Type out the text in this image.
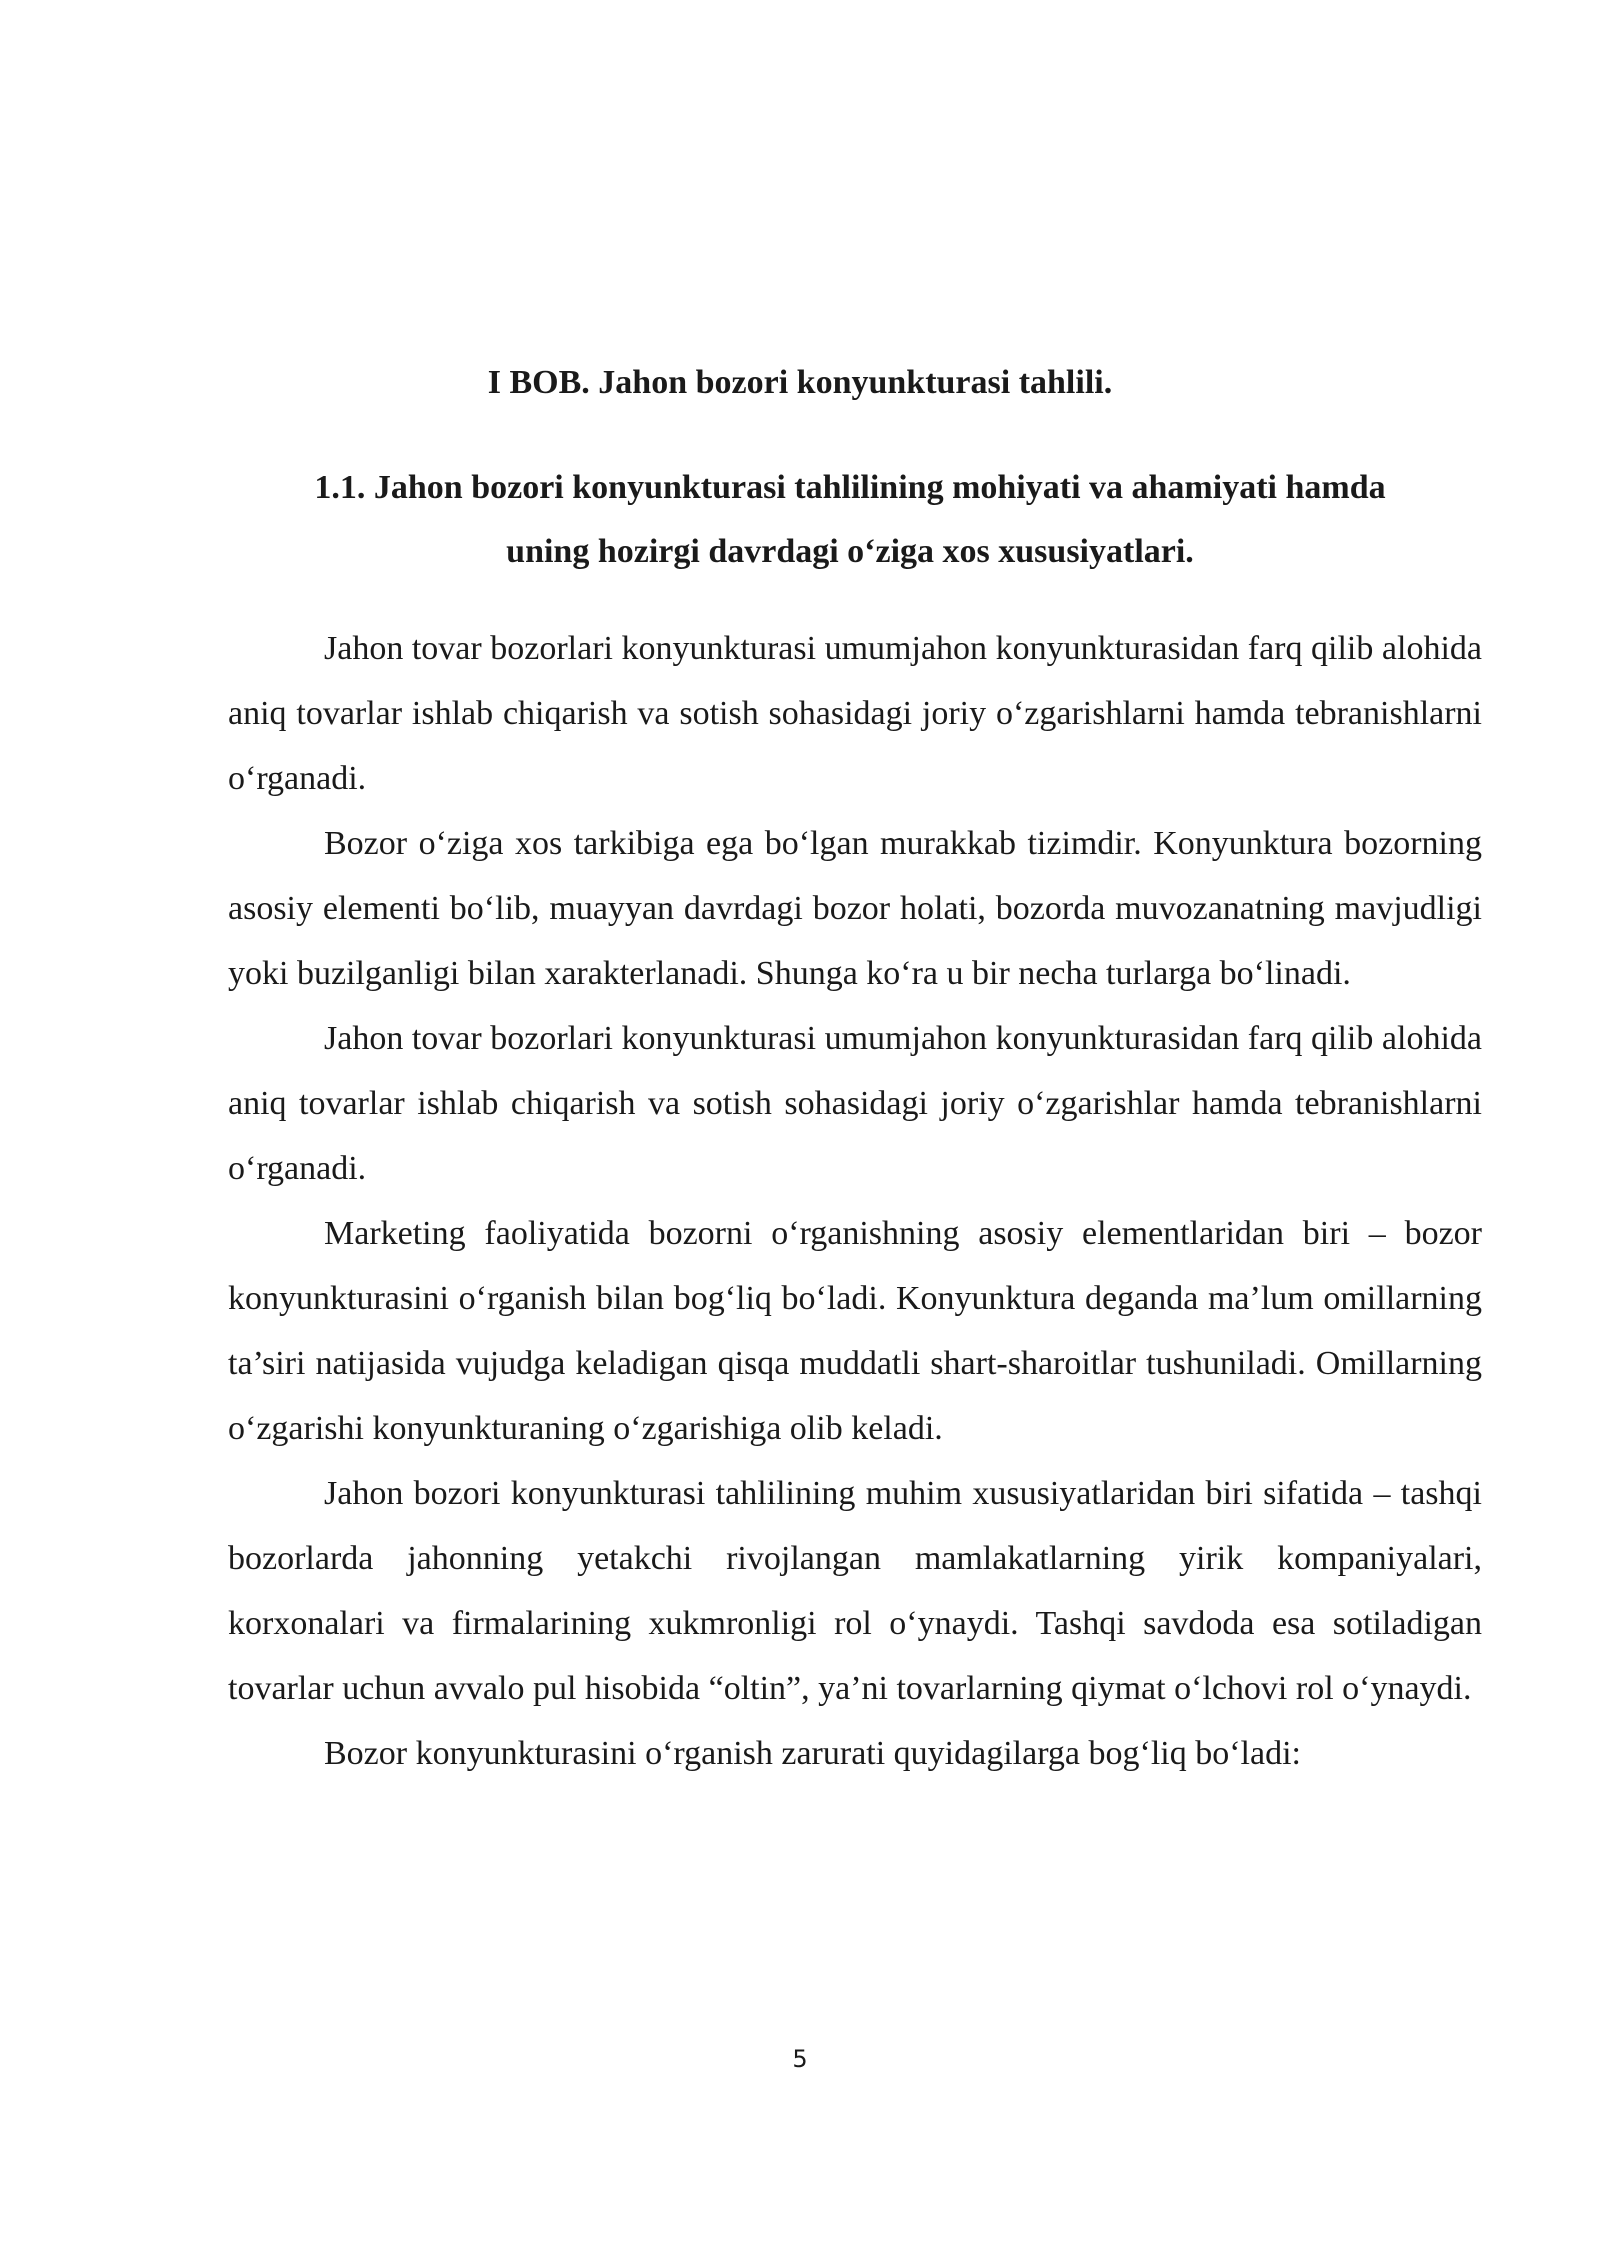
I BOB. Jahon bozori konyunkturasi tahlili.
1.1. Jahon bozori konyunkturasi tahlilining mohiyati va ahamiyati hamda
uning hozirgi davrdagi o‘ziga xos xususiyatlari.

Jahon tovar bozorlari konyunkturasi umumjahon konyunkturasidan farq qilib alohida aniq tovarlar ishlab chiqarish va sotish sohasidagi joriy o‘zgarishlarni hamda tebranishlarni o‘rganadi.

Bozor o‘ziga xos tarkibiga ega bo‘lgan murakkab tizimdir. Konyunktura bozorning asosiy elementi bo‘lib, muayyan davrdagi bozor holati, bozorda muvozanatning mavjudligi yoki buzilganligi bilan xarakterlanadi. Shunga ko‘ra u bir necha turlarga bo‘linadi.

Jahon tovar bozorlari konyunkturasi umumjahon konyunkturasidan farq qilib alohida aniq tovarlar ishlab chiqarish va sotish sohasidagi joriy o‘zgarishlar hamda tebranishlarni o‘rganadi.

Marketing faoliyatida bozorni o‘rganishning asosiy elementlaridan biri – bozor konyunkturasini o‘rganish bilan bog‘liq bo‘ladi. Konyunktura deganda ma’lum omillarning ta’siri natijasida vujudga keladigan qisqa muddatli shart-sharoitlar tushuniladi. Omillarning o‘zgarishi konyunkturaning o‘zgarishiga olib keladi.

Jahon bozori konyunkturasi tahlilining muhim xususiyatlaridan biri sifatida – tashqi bozorlarda jahonning yetakchi rivojlangan mamlakatlarning yirik kompaniyalari, korxonalari va firmalarining xukmronligi rol o‘ynaydi. Tashqi savdoda esa sotiladigan tovarlar uchun avvalo pul hisobida “oltin”, ya’ni tovarlarning qiymat o‘lchovi rol o‘ynaydi.

Bozor konyunkturasini o‘rganish zarurati quyidagilarga bog‘liq bo‘ladi:

5
